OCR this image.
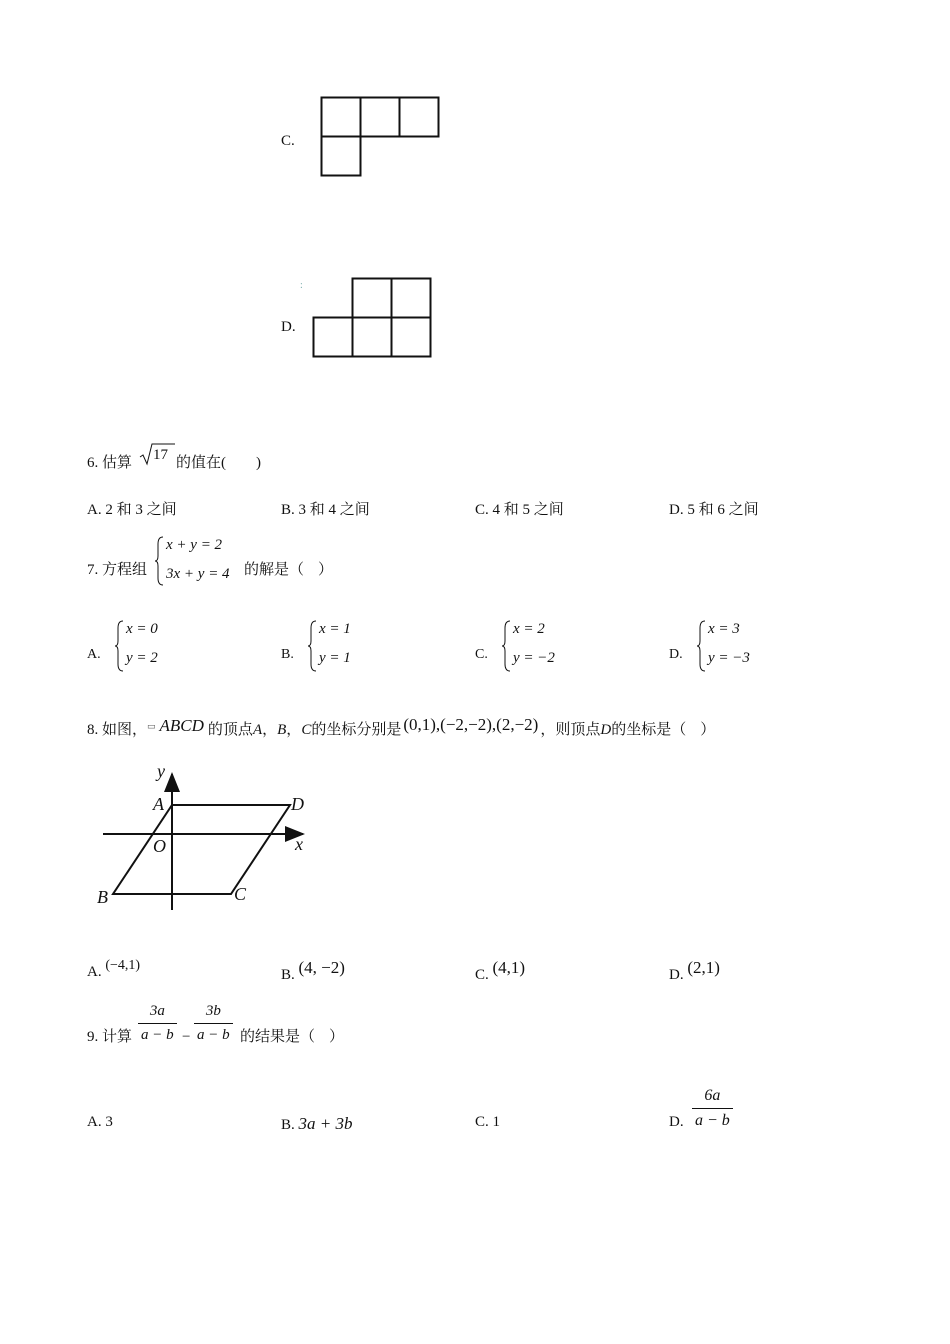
C.
:
D.
6. 估算 17 的值在( )
A. 2 和 3 之间	B. 3 和 4 之间	C. 4 和 5 之间	D. 5 和 6 之间
7. 方程组
x + y = 2
3x + y = 4 的解是（ ）
A.
x = 0
y = 2	B.
x = 1
y = 1	C.
x = 2
y = −2	D.
x = 3
y = −3
8. 如图，▭ ABCD 的顶点A，B，C的坐标分别是 (0,1),(−2,−2),(2,−2) ，则顶点D的坐标是（ ）
y
x
A	D
O
B	C
A. (−4,1)
B. (4, −2)	C. (4,1)	D. (2,1)
9. 计算 $\frac{3a}{a - b} - \frac{3b}{a - b}$ 的结果是（ ）
A. 3	B. 3a + 3b	C. 1	D. $\frac{6a}{a - b}$
